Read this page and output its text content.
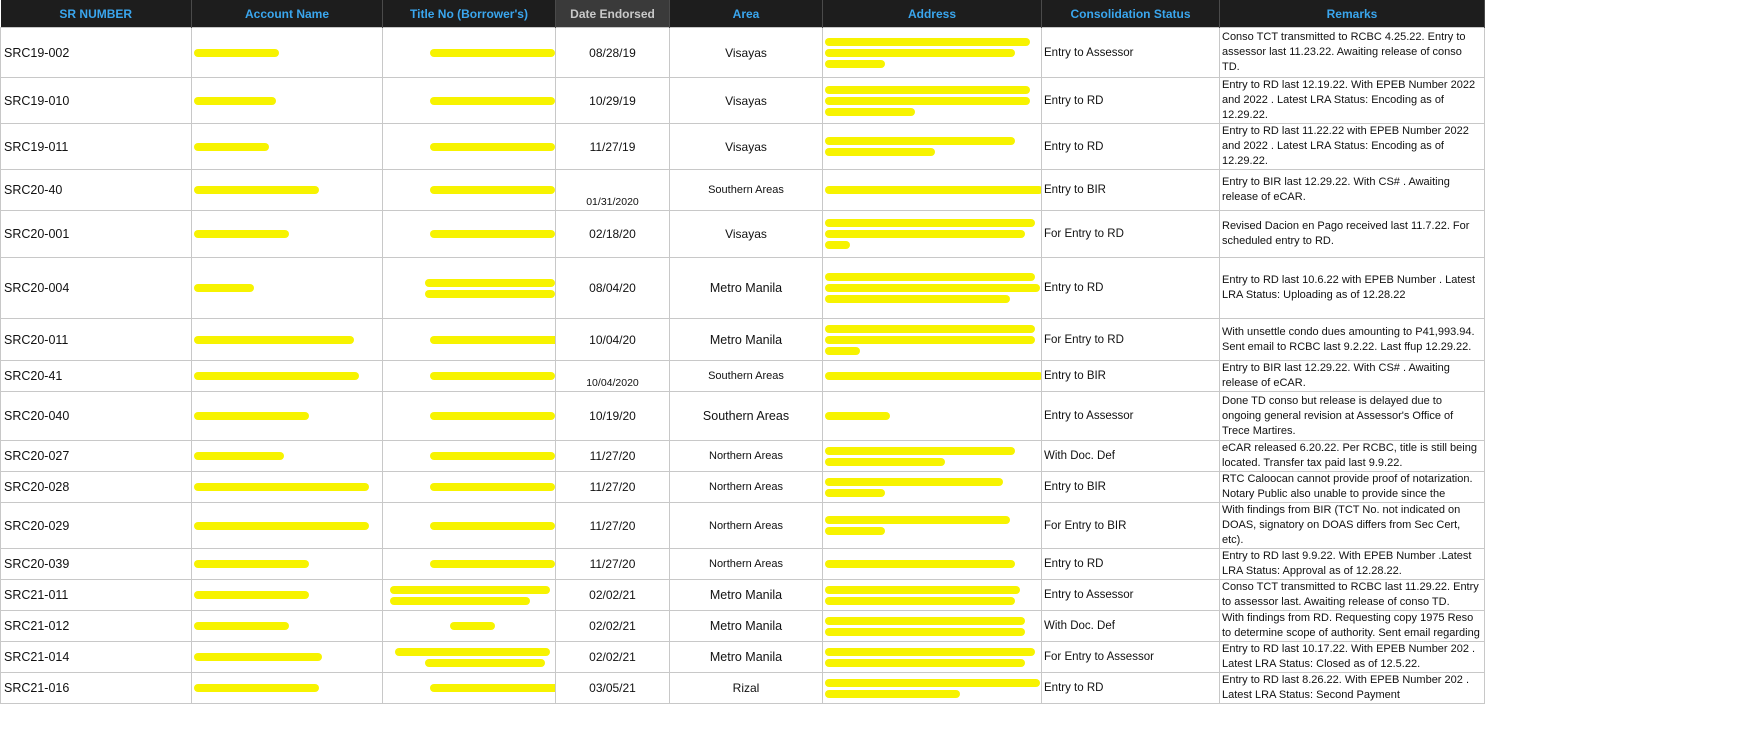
SR NUMBER	Account Name	Title No (Borrower's)	Date Endorsed	Area	Address	Consolidation Status	Remarks
SRC19-002			08/28/19	Visayas		Entry to Assessor	Conso TCT transmitted to RCBC 4.25.22. Entry to assessor last 11.23.22. Awaiting release of conso TD.
SRC19-010			10/29/19	Visayas		Entry to RD	Entry to RD last 12.19.22. With EPEB Number 2022 and 2022 . Latest LRA Status: Encoding as of 12.29.22.
SRC19-011			11/27/19	Visayas		Entry to RD	Entry to RD last 11.22.22 with EPEB Number 2022 and 2022 . Latest LRA Status: Encoding as of 12.29.22.
SRC20-40			01/31/2020	Southern Areas		Entry to BIR	Entry to BIR last 12.29.22. With CS# . Awaiting release of eCAR.
SRC20-001			02/18/20	Visayas		For Entry to RD	Revised Dacion en Pago received last 11.7.22. For scheduled entry to RD.
SRC20-004			08/04/20	Metro Manila		Entry to RD	Entry to RD last 10.6.22 with EPEB Number . Latest LRA Status: Uploading as of 12.28.22
SRC20-011			10/04/20	Metro Manila		For Entry to RD	With unsettle condo dues amounting to P41,993.94. Sent email to RCBC last 9.2.22. Last ffup 12.29.22.
SRC20-41			10/04/2020	Southern Areas		Entry to BIR	Entry to BIR last 12.29.22. With CS# . Awaiting release of eCAR.
SRC20-040			10/19/20	Southern Areas		Entry to Assessor	Done TD conso but release is delayed due to ongoing general revision at Assessor's Office of Trece Martires.
SRC20-027			11/27/20	Northern Areas		With Doc. Def	eCAR released 6.20.22. Per RCBC, title is still being located. Transfer tax paid last 9.9.22.
SRC20-028			11/27/20	Northern Areas		Entry to BIR	RTC Caloocan cannot provide proof of notarization. Notary Public also unable to provide since the
SRC20-029			11/27/20	Northern Areas		For Entry to BIR	With findings from BIR (TCT No. not indicated on DOAS, signatory on DOAS differs from Sec Cert, etc).
SRC20-039			11/27/20	Northern Areas		Entry to RD	Entry to RD last 9.9.22. With EPEB Number .Latest LRA Status: Approval as of 12.28.22.
SRC21-011			02/02/21	Metro Manila		Entry to Assessor	Conso TCT transmitted to RCBC last 11.29.22. Entry to assessor last. Awaiting release of conso TD.
SRC21-012			02/02/21	Metro Manila		With Doc. Def	With findings from RD. Requesting copy 1975 Reso to determine scope of authority. Sent email regarding
SRC21-014			02/02/21	Metro Manila		For Entry to Assessor	Entry to RD last 10.17.22. With EPEB Number 202 . Latest LRA Status: Closed as of 12.5.22.
SRC21-016			03/05/21	Rizal		Entry to RD	Entry to RD last 8.26.22. With EPEB Number 202 . Latest LRA Status: Second Payment
